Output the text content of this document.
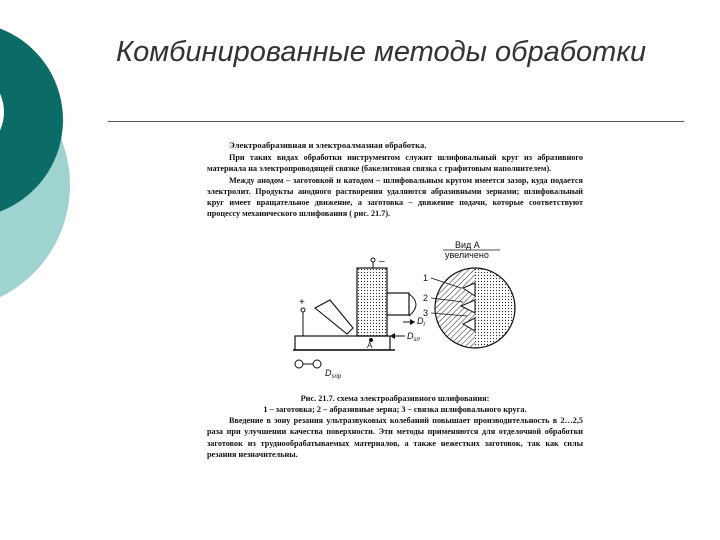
Комбинированные методы обработки

Электроабразивная и электроалмазная обработка.

При таких видах обработки инструментом служит шлифовальный круг из абразивного материала на электропроводящей связке (бакелитовая связка с графитовым наполнителем).

Между анодом – заготовкой и катодом – шлифовальным кругом имеется зазор, куда подается электролит. Продукты анодного растворения удаляются абразивными зернами; шлифовальный круг имеет вращательное движение, а заготовка – движение подачи, которые соответствуют процессу механического шлифования ( рис. 21.7).

+
–
А
$D_{sп}$
$D_r$
$D_{sпр}$
Вид А
увеличено
1
2
3

Рис. 21.7. схема электроабразивного шлифования:

1 – заготовка; 2 – абразивные зерна; 3 – связка шлифовального круга.

Введение в зону резания ультразвуковых колебаний повышает производительность в 2…2,5 раза при улучшении качества поверхности. Эти методы применяются для отделочной обработки заготовок из труднообрабатываемых материалов, а также нежестких заготовок, так как силы резания незначительны.
